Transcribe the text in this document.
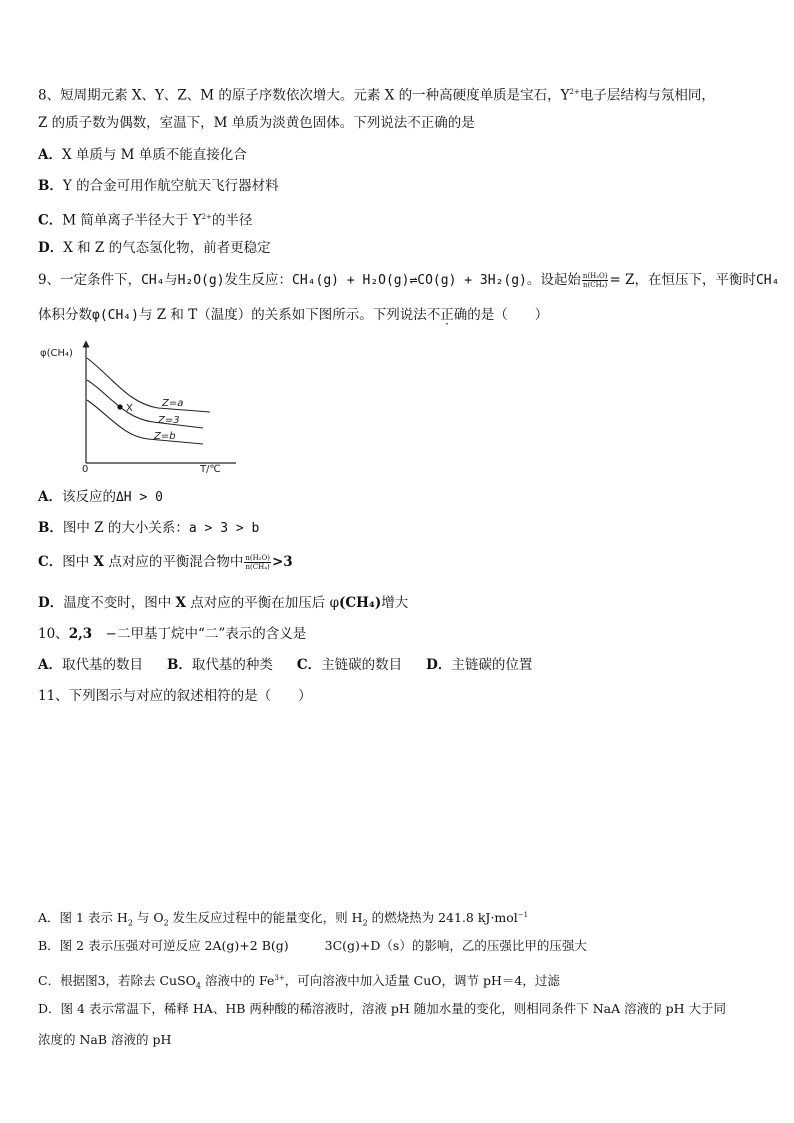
8、短周期元素 X、Y、Z、M 的原子序数依次增大。元素 X 的一种高硬度单质是宝石，$Y^{2+}$电子层结构与氖相同，
Z 的质子数为偶数，室温下，M 单质为淡黄色固体。下列说法不正确的是
A．X 单质与 M 单质不能直接化合
B．Y 的合金可用作航空航天飞行器材料
C．M 简单离子半径大于 $Y^{2+}$的半径
D．X 和 Z 的气态氢化物，前者更稳定
9、一定条件下，CH₄与H₂O(g)发生反应：CH₄(g) + H₂O(g)⇌CO(g) + 3H₂(g)。设起始 $\frac{\text{n(H₂O)}}{\text{n(CH₄)}} = Z$，在恒压下，平衡时CH₄
体积分数φ(CH₄)与 Z 和 T（温度）的关系如下图所示。下列说法不正确的是（　　）
φ(CH₄)
0	T/℃
X	Z=a
Z=3
Z=b
A．该反应的ΔH > 0
B．图中 Z 的大小关系：a > 3 > b
C．图中 X 点对应的平衡混合物中 $\frac{\text{n(H₂O)}}{\text{n(CH₄)}} >3$
D．温度不变时，图中 X 点对应的平衡在加压后 φ(CH₄)增大
10、2,3　−二甲基丁烷中“二”表示的含义是
A．取代基的数目 B．取代基的种类 C．主链碳的数目 D．主链碳的位置
11、下列图示与对应的叙述相符的是（　　）
A．图 1 表示 $H_2$ 与 $O_2$ 发生反应过程中的能量变化，则 $H_2$ 的燃烧热为 241.8 kJ·mol$^{-1}$
B．图 2 表示压强对可逆反应 2A(g)+2 B(g)	3C(g)+D（s）的影响，乙的压强比甲的压强大
C．根据图3，若除去 CuSO$_4$ 溶液中的 $Fe^{3+}$，可向溶液中加入适量 CuO，调节 pH＝4，过滤
D．图 4 表示常温下，稀释 HA、HB 两种酸的稀溶液时，溶液 pH 随加水量的变化，则相同条件下 NaA 溶液的 pH 大于同
浓度的 NaB 溶液的 pH
